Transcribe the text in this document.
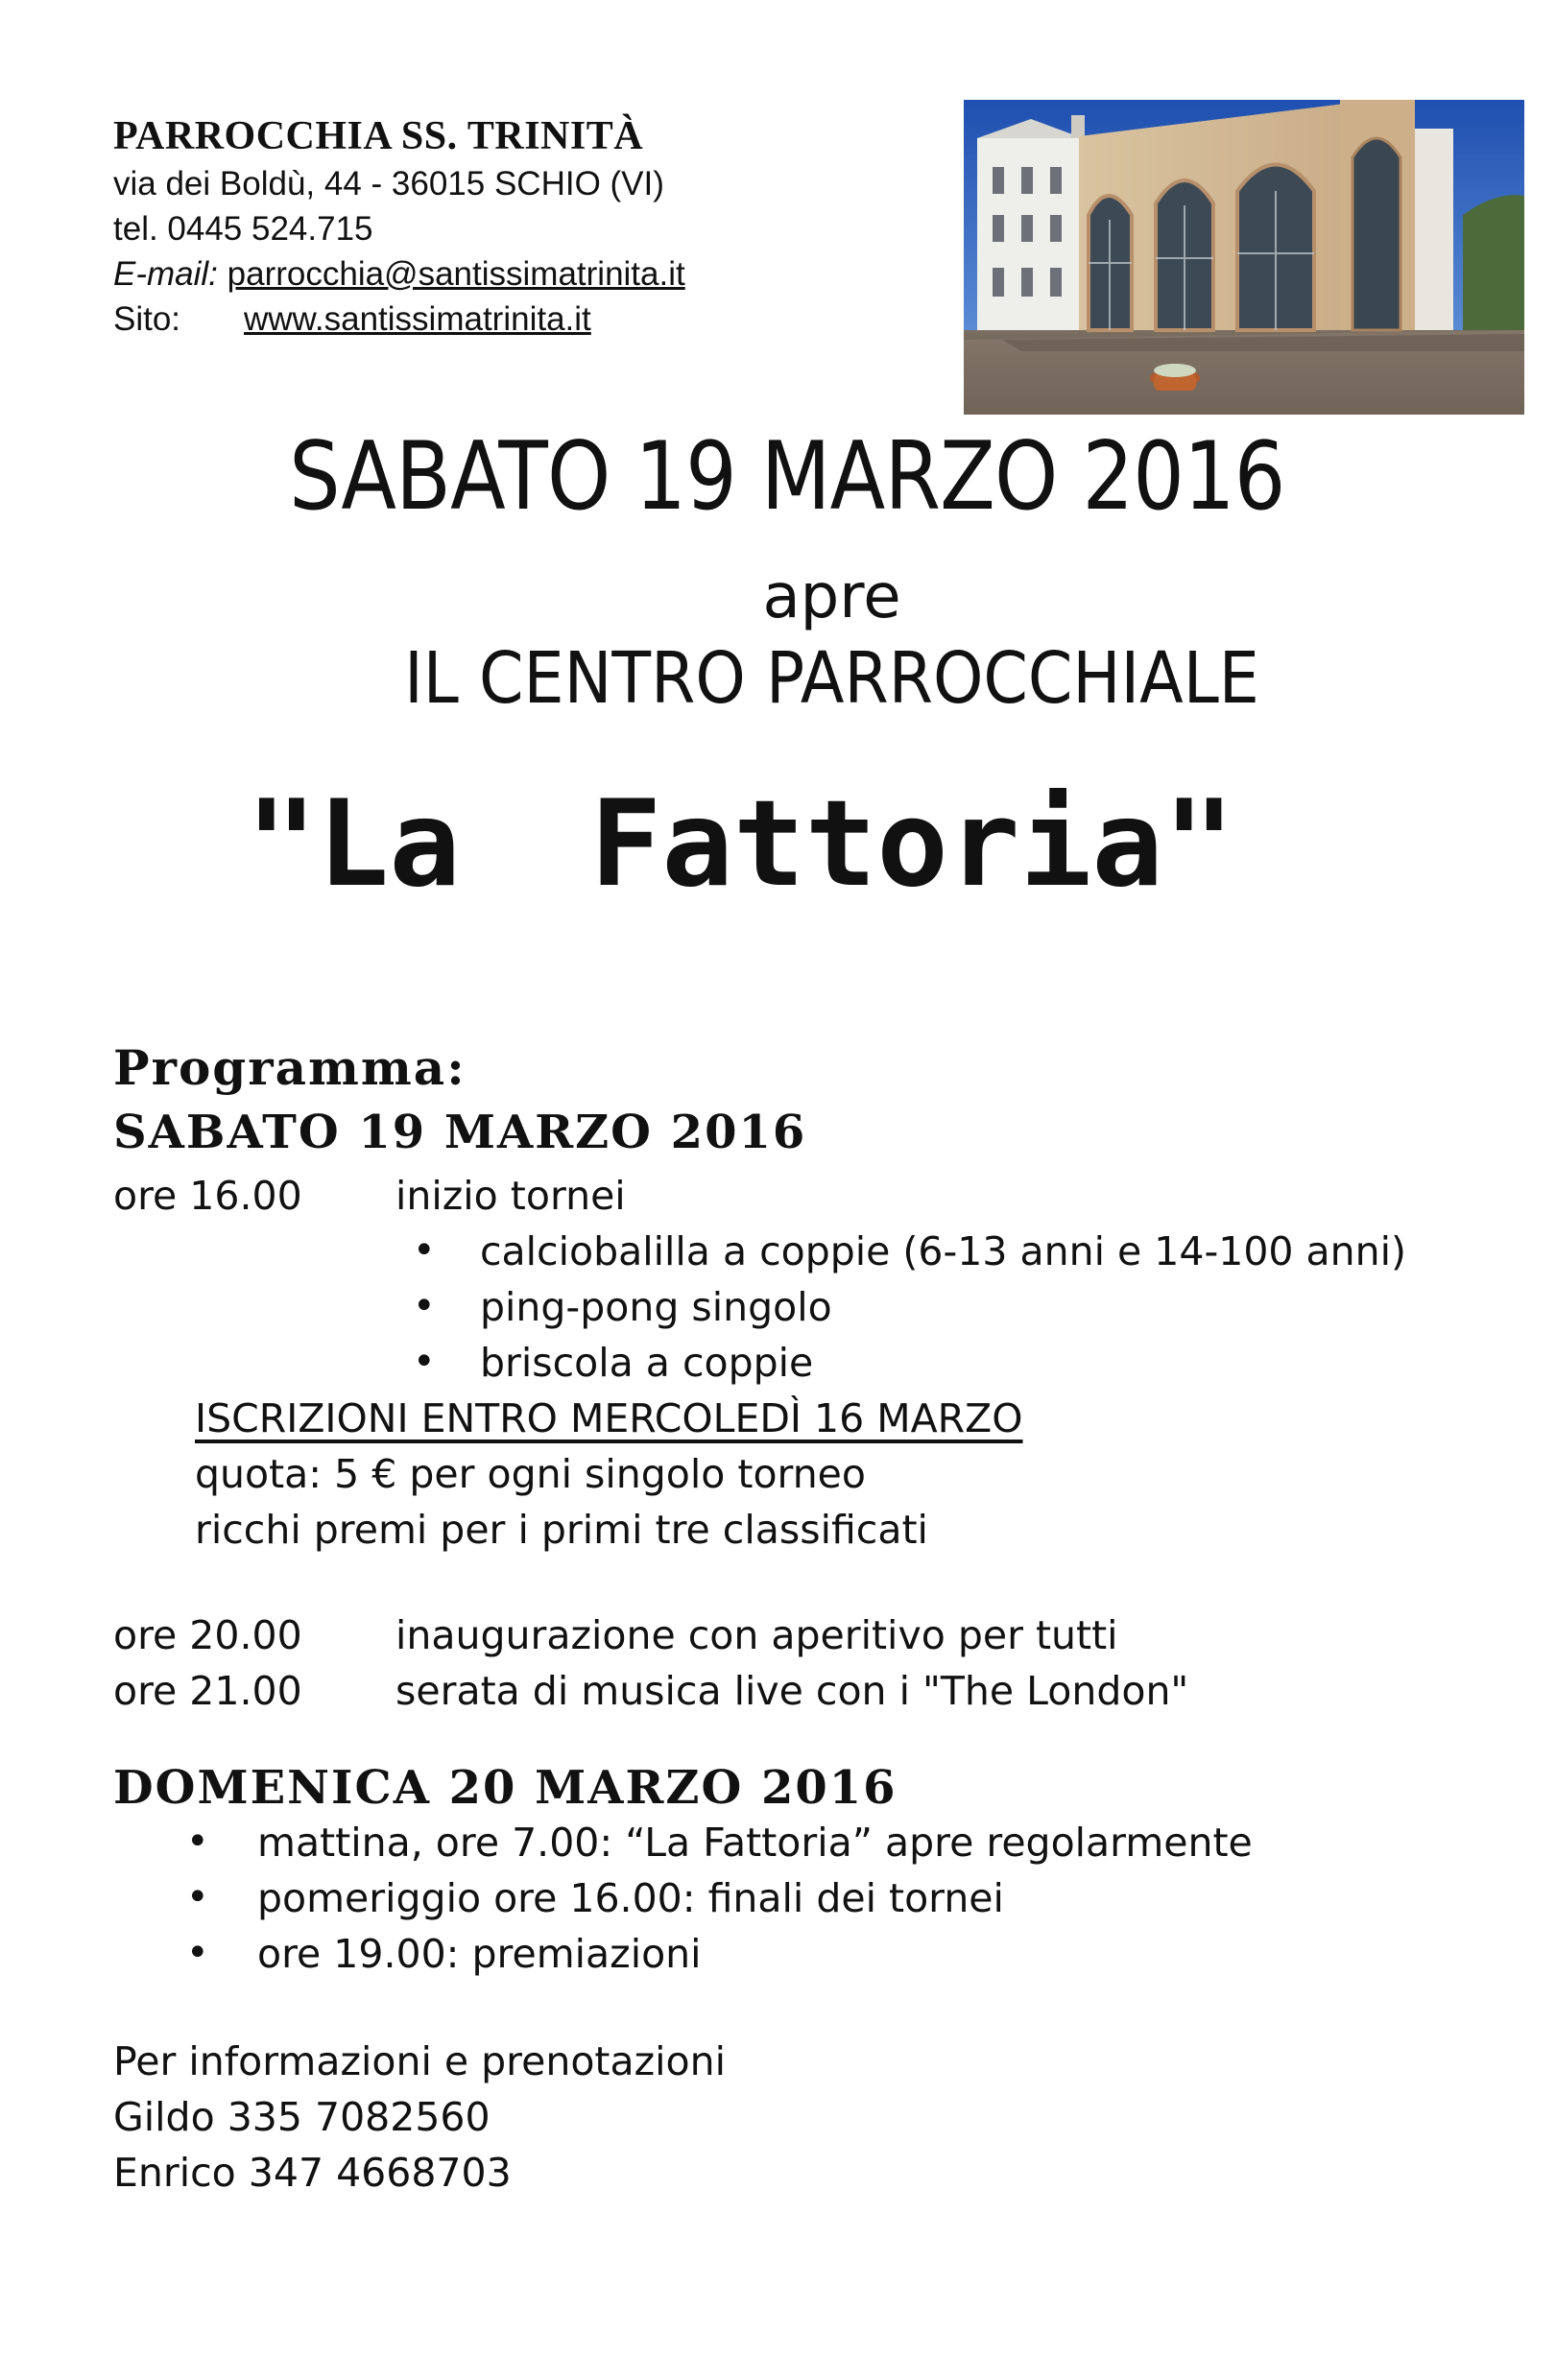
PARROCCHIA SS. TRINITÀ
via dei Boldù, 44 - 36015 SCHIO (VI)
tel. 0445 524.715
E-mail: parrocchia@santissimatrinita.it
Sito: www.santissimatrinita.it
SABATO 19 MARZO 2016
apre
IL CENTRO PARROCCHIALE
"La Fattoria"
Programma:
SABATO 19 MARZO 2016
ore 16.00 inizio tornei
• calciobalilla a coppie (6-13 anni e 14-100 anni)
• ping-pong singolo
• briscola a coppie
ISCRIZIONI ENTRO MERCOLEDÌ 16 MARZO
quota: 5 € per ogni singolo torneo
ricchi premi per i primi tre classificati
ore 20.00 inaugurazione con aperitivo per tutti
ore 21.00 serata di musica live con i "The London"
DOMENICA 20 MARZO 2016
• mattina, ore 7.00: “La Fattoria” apre regolarmente
• pomeriggio ore 16.00: finali dei tornei
• ore 19.00: premiazioni
Per informazioni e prenotazioni
Gildo 335 7082560
Enrico 347 4668703
